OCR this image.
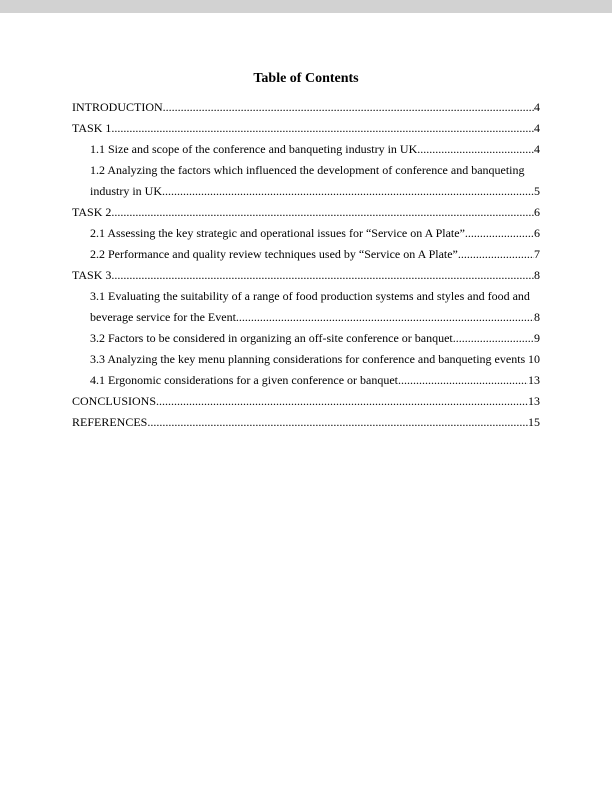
Table of Contents
INTRODUCTION .....	4
TASK 1 .....	4
1.1 Size and scope of the conference and banqueting industry in UK .....	4
1.2 Analyzing the factors which influenced the development of conference and banqueting
industry in UK .....	5
TASK 2 .....	6
2.1 Assessing the key strategic and operational issues for “Service on A Plate” .....	6
2.2 Performance and quality review techniques used by “Service on A Plate” .....	7
TASK 3 .....	8
3.1 Evaluating the suitability of a range of food production systems and styles and food and
beverage service for the Event .....	8
3.2 Factors to be considered in organizing an off-site conference or banquet .....	9
3.3 Analyzing the key menu planning considerations for conference and banqueting events 10
4.1 Ergonomic considerations for a given conference or banquet .....	13
CONCLUSIONS .....	13
REFERENCES .....	15
